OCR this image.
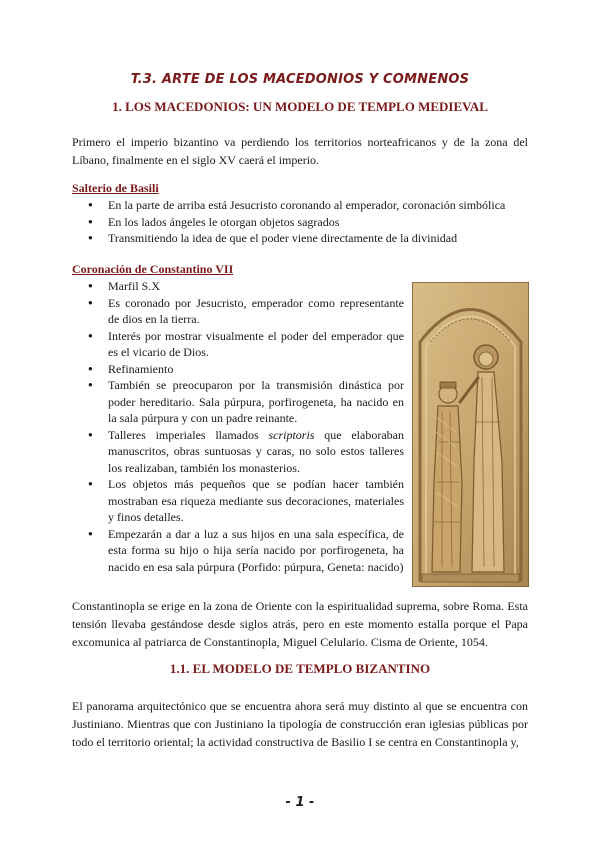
T.3. ARTE DE LOS MACEDONIOS Y COMNENOS
1. LOS MACEDONIOS: UN MODELO DE TEMPLO MEDIEVAL

Primero el imperio bizantino va perdiendo los territorios norteafricanos y de la zona del Líbano, finalmente en el siglo XV caerá el imperio.

Salterio de Basili

● En la parte de arriba está Jesucristo coronando al emperador, coronación simbólica
● En los lados ángeles le otorgan objetos sagrados
● Transmitiendo la idea de que el poder viene directamente de la divinidad

Coronación de Constantino VII

● Marfil S.X
● Es coronado por Jesucristo, emperador como representante de dios en la tierra.
● Interés por mostrar visualmente el poder del emperador que es el vicario de Dios.
● Refinamiento
● También se preocuparon por la transmisión dinástica por poder hereditario. Sala púrpura, porfirogeneta, ha nacido en la sala púrpura y con un padre reinante.
● Talleres imperiales llamados scriptoris que elaboraban manuscritos, obras suntuosas y caras, no solo estos talleres los realizaban, también los monasterios.
● Los objetos más pequeños que se podían hacer también mostraban esa riqueza mediante sus decoraciones, materiales y finos detalles.
● Empezarán a dar a luz a sus hijos en una sala específica, de esta forma su hijo o hija sería nacido por porfirogeneta, ha nacido en esa sala púrpura (Porfido: púrpura, Geneta: nacido)

Constantinopla se erige en la zona de Oriente con la espiritualidad suprema, sobre Roma. Esta tensión llevaba gestándose desde siglos atrás, pero en este momento estalla porque el Papa excomunica al patriarca de Constantinopla, Miguel Celulario. Cisma de Oriente, 1054.

1.1. EL MODELO DE TEMPLO BIZANTINO

El panorama arquitectónico que se encuentra ahora será muy distinto al que se encuentra con Justiniano. Mientras que con Justiniano la tipología de construcción eran iglesias públicas por todo el territorio oriental; la actividad constructiva de Basilio I se centra en Constantinopla y,

- 1 -
